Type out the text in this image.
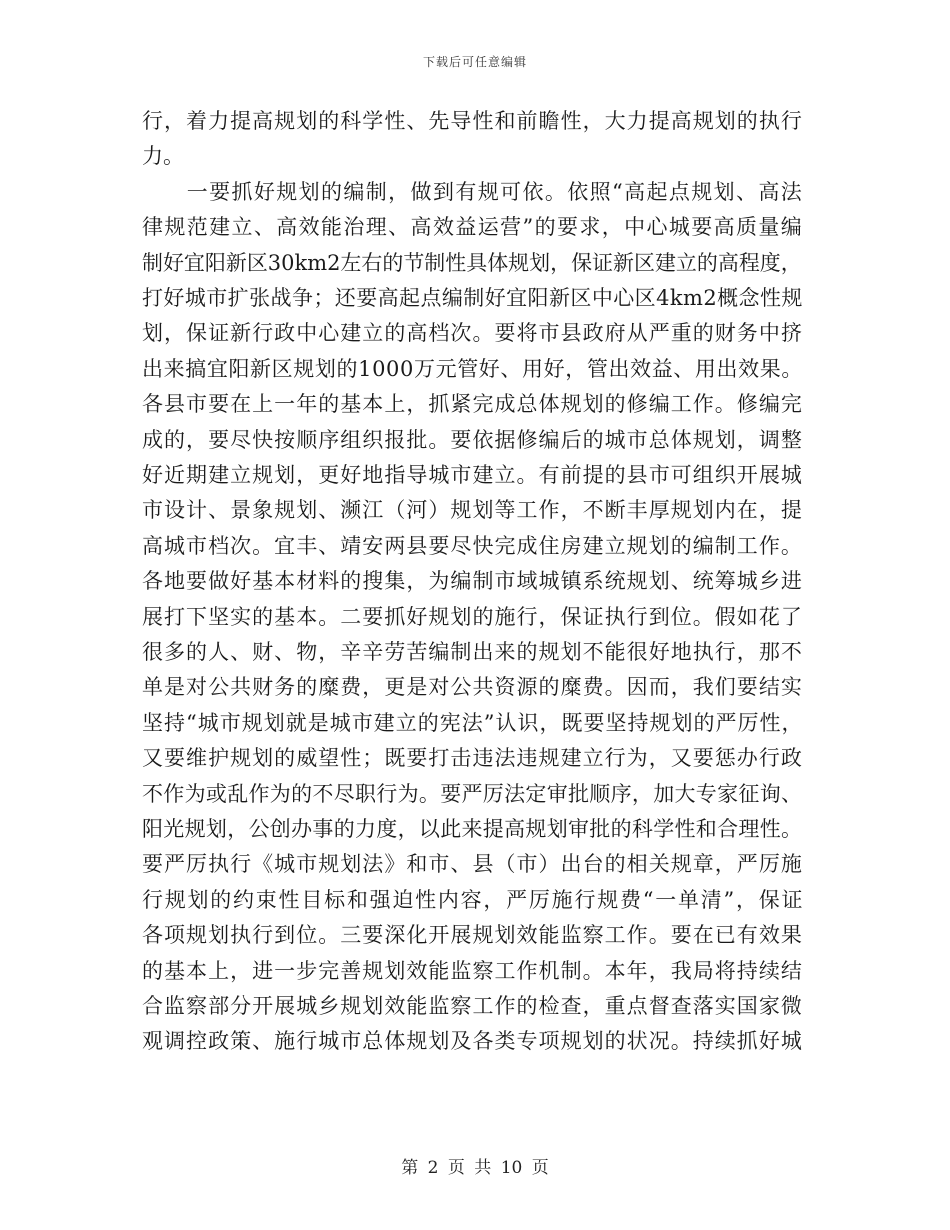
下载后可任意编辑
行，着力提高规划的科学性、先导性和前瞻性，大力提高规划的执行
力。
　　一要抓好规划的编制，做到有规可依。依照“高起点规划、高法
律规范建立、高效能治理、高效益运营”的要求，中心城要高质量编
制好宜阳新区30km2左右的节制性具体规划，保证新区建立的高程度，
打好城市扩张战争；还要高起点编制好宜阳新区中心区4km2概念性规
划，保证新行政中心建立的高档次。要将市县政府从严重的财务中挤
出来搞宜阳新区规划的1000万元管好、用好，管出效益、用出效果。
各县市要在上一年的基本上，抓紧完成总体规划的修编工作。修编完
成的，要尽快按顺序组织报批。要依据修编后的城市总体规划，调整
好近期建立规划，更好地指导城市建立。有前提的县市可组织开展城
市设计、景象规划、濒江（河）规划等工作，不断丰厚规划内在，提
高城市档次。宜丰、靖安两县要尽快完成住房建立规划的编制工作。
各地要做好基本材料的搜集，为编制市域城镇系统规划、统筹城乡进
展打下坚实的基本。二要抓好规划的施行，保证执行到位。假如花了
很多的人、财、物，辛辛劳苦编制出来的规划不能很好地执行，那不
单是对公共财务的糜费，更是对公共资源的糜费。因而，我们要结实
坚持“城市规划就是城市建立的宪法”认识，既要坚持规划的严厉性，
又要维护规划的威望性；既要打击违法违规建立行为，又要惩办行政
不作为或乱作为的不尽职行为。要严厉法定审批顺序，加大专家征询、
阳光规划，公创办事的力度，以此来提高规划审批的科学性和合理性。
要严厉执行《城市规划法》和市、县（市）出台的相关规章，严厉施
行规划的约束性目标和强迫性内容，严厉施行规费“一单清”，保证
各项规划执行到位。三要深化开展规划效能监察工作。要在已有效果
的基本上，进一步完善规划效能监察工作机制。本年，我局将持续结
合监察部分开展城乡规划效能监察工作的检查，重点督查落实国家微
观调控政策、施行城市总体规划及各类专项规划的状况。持续抓好城
第 2 页 共 10 页
